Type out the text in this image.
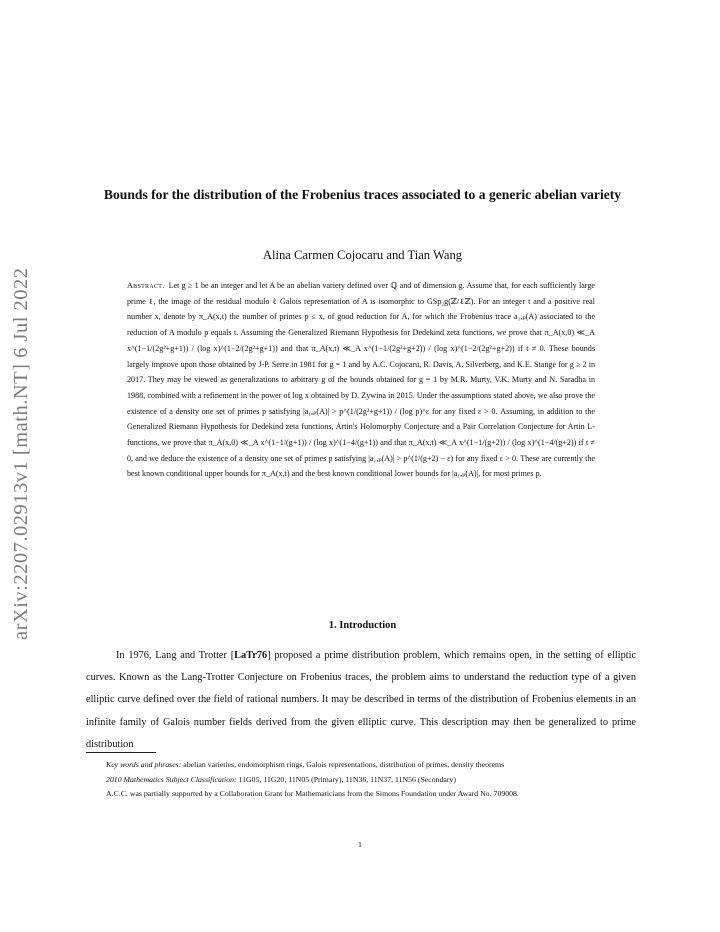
arXiv:2207.02913v1 [math.NT] 6 Jul 2022
Bounds for the distribution of the Frobenius traces associated to a generic abelian variety
Alina Carmen Cojocaru and Tian Wang
Abstract. Let g ≥ 1 be an integer and let A be an abelian variety defined over ℚ and of dimension g. Assume that, for each sufficiently large prime ℓ, the image of the residual modulo ℓ Galois representation of A is isomorphic to GSp₂g(ℤ/ℓℤ). For an integer t and a positive real number x, denote by π_A(x,t) the number of primes p ≤ x, of good reduction for A, for which the Frobenius trace a₁,ₚ(A) associated to the reduction of A modulo p equals t. Assuming the Generalized Riemann Hypothesis for Dedekind zeta functions, we prove that π_A(x,0) ≪_A x^(1−1/(2g²+g+1)) / (log x)^(1−2/(2g²+g+1)) and that π_A(x,t) ≪_A x^(1−1/(2g²+g+2)) / (log x)^(1−2/(2g²+g+2)) if t ≠ 0. These bounds largely improve upon those obtained by J-P. Serre in 1981 for g = 1 and by A.C. Cojocaru, R. Davis, A. Silverberg, and K.E. Stange for g ≥ 2 in 2017. They may be viewed as generalizations to arbitrary g of the bounds obtained for g = 1 by M.R. Murty, V.K. Murty and N. Saradha in 1988, combined with a refinement in the power of log x obtained by D. Zywina in 2015. Under the assumptions stated above, we also prove the existence of a density one set of primes p satisfying |a₁,ₚ(A)| > p^(1/(2g²+g+1)) / (log p)^ε for any fixed ε > 0. Assuming, in addition to the Generalized Riemann Hypothesis for Dedekind zeta functions, Artin's Holomorphy Conjecture and a Pair Correlation Conjecture for Artin L-functions, we prove that π_A(x,0) ≪_A x^(1−1/(g+1)) / (log x)^(1−4/(g+1)) and that π_A(x,t) ≪_A x^(1−1/(g+2)) / (log x)^(1−4/(g+2)) if t ≠ 0, and we deduce the existence of a density one set of primes p satisfying |a₁,ₚ(A)| > p^(1/(g+2) − ε) for any fixed ε > 0. These are currently the best known conditional upper bounds for π_A(x,t) and the best known conditional lower bounds for |a₁,ₚ(A)|, for most primes p.
1. Introduction
In 1976, Lang and Trotter [LaTr76] proposed a prime distribution problem, which remains open, in the setting of elliptic curves. Known as the Lang-Trotter Conjecture on Frobenius traces, the problem aims to understand the reduction type of a given elliptic curve defined over the field of rational numbers. It may be described in terms of the distribution of Frobenius elements in an infinite family of Galois number fields derived from the given elliptic curve. This description may then be generalized to prime distribution

Key words and phrases: abelian varieties, endomorphism rings, Galois representations, distribution of primes, density theorems

2010 Mathematics Subject Classification: 11G05, 11G20, 11N05 (Primary), 11N36, 11N37, 11N56 (Secondary)

A.C.C. was partially supported by a Collaboration Grant for Mathematicians from the Simons Foundation under Award No. 709008.

1
